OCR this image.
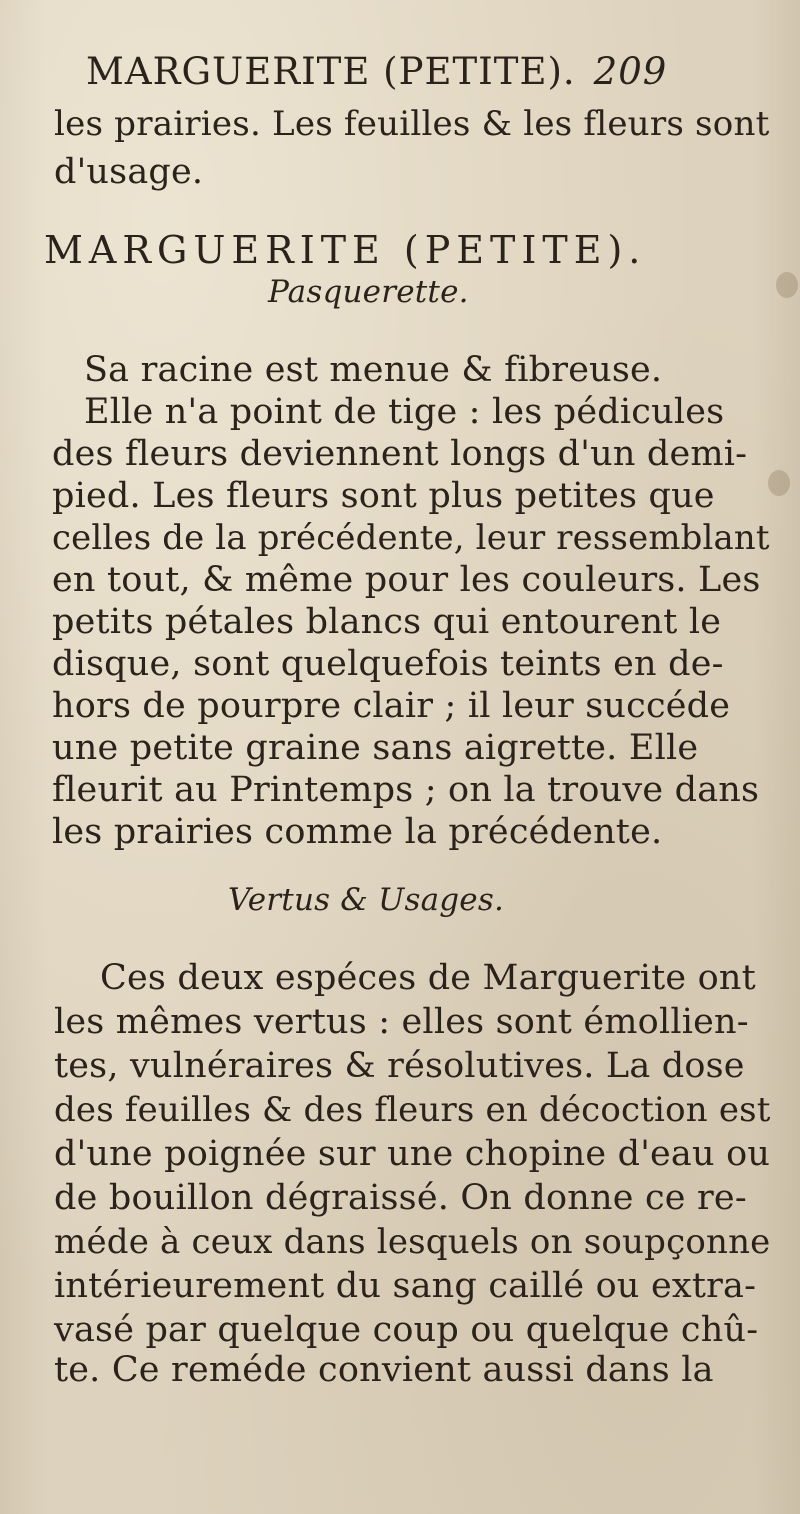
MARGUERITE (PETITE). 209
les prairies. Les feuilles & les fleurs sont
d'usage.
MARGUERITE (PETITE).
Pasquerette.
Sa racine est menue & fibreuse.
Elle n'a point de tige : les pédicules
des fleurs deviennent longs d'un demi-
pied. Les fleurs sont plus petites que
celles de la précédente, leur ressemblant
en tout, & même pour les couleurs. Les
petits pétales blancs qui entourent le
disque, sont quelquefois teints en de-
hors de pourpre clair ; il leur succéde
une petite graine sans aigrette. Elle
fleurit au Printemps ; on la trouve dans
les prairies comme la précédente.
Vertus & Usages.
Ces deux espéces de Marguerite ont
les mêmes vertus : elles sont émollien-
tes, vulnéraires & résolutives. La dose
des feuilles & des fleurs en décoction est
d'une poignée sur une chopine d'eau ou
de bouillon dégraissé. On donne ce re-
méde à ceux dans lesquels on soupçonne
intérieurement du sang caillé ou extra-
vasé par quelque coup ou quelque chû-
te. Ce reméde convient aussi dans la
